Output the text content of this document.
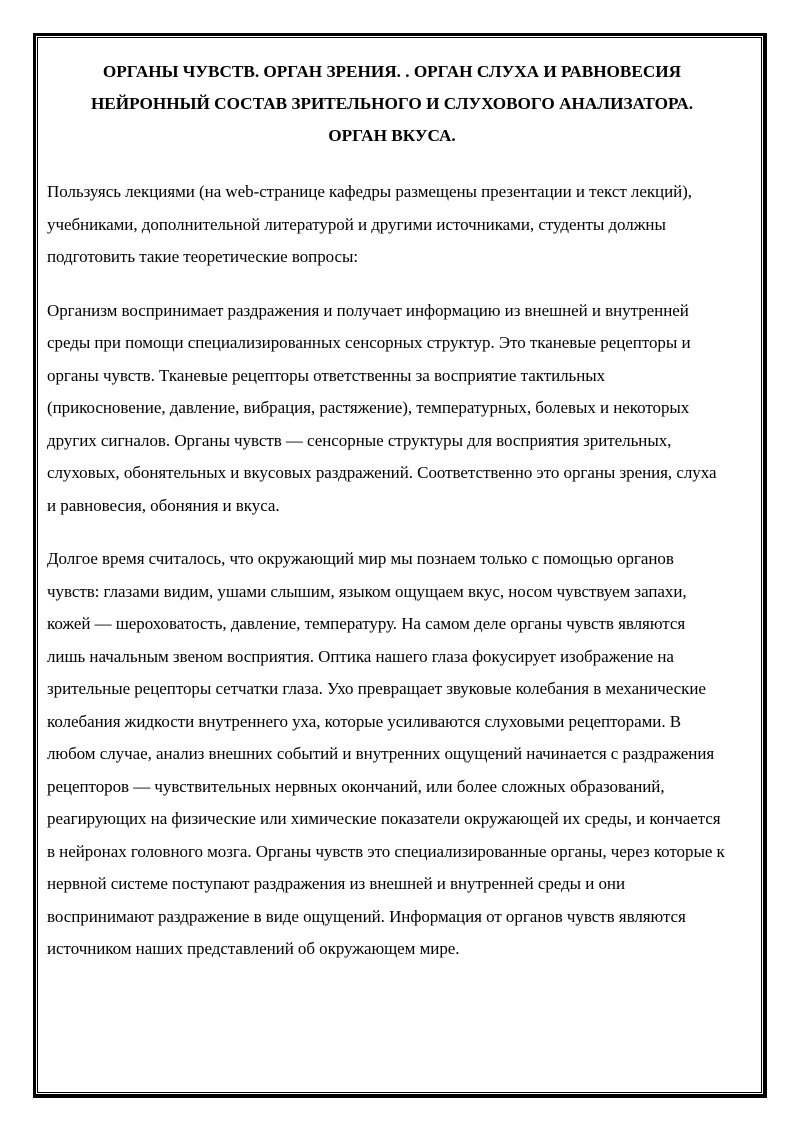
ОРГАНЫ ЧУВСТВ. ОРГАН ЗРЕНИЯ. . ОРГАН СЛУХА И РАВНОВЕСИЯ
НЕЙРОННЫЙ СОСТАВ ЗРИТЕЛЬНОГО И СЛУХОВОГО АНАЛИЗАТОРА.
ОРГАН ВКУСА.

Пользуясь лекциями (на web-странице кафедры размещены презентации и текст лекций), учебниками, дополнительной литературой и другими источниками, студенты должны подготовить такие теоретические вопросы:

Организм воспринимает раздражения и получает информацию из внешней и внутренней среды при помощи специализированных сенсорных структур. Это тканевые рецепторы и органы чувств. Тканевые рецепторы ответственны за восприятие тактильных (прикосновение, давление, вибрация, растяжение), температурных, болевых и некоторых других сигналов. Органы чувств — сенсорные структуры для восприятия зрительных, слуховых, обонятельных и вкусовых раздражений. Соответственно это органы зрения, слуха и равновесия, обоняния и вкуса.

Долгое время считалось, что окружающий мир мы познаем только с помощью органов чувств: глазами видим, ушами слышим, языком ощущаем вкус, носом чувствуем запахи, кожей — шероховатость, давление, температуру. На самом деле органы чувств являются лишь начальным звеном восприятия. Оптика нашего глаза фокусирует изображение на зрительные рецепторы сетчатки глаза. Ухо превращает звуковые колебания в механические колебания жидкости внутреннего уха, которые усиливаются слуховыми рецепторами. В любом случае, анализ внешних событий и внутренних ощущений начинается с раздражения рецепторов — чувствительных нервных окончаний, или более сложных образований, реагирующих на физические или химические показатели окружающей их среды, и кончается в нейронах головного мозга. Органы чувств это специализированные органы, через которые к нервной системе поступают раздражения из внешней и внутренней среды и они воспринимают раздражение в виде ощущений. Информация от органов чувств являются источником наших представлений об окружающем мире.
